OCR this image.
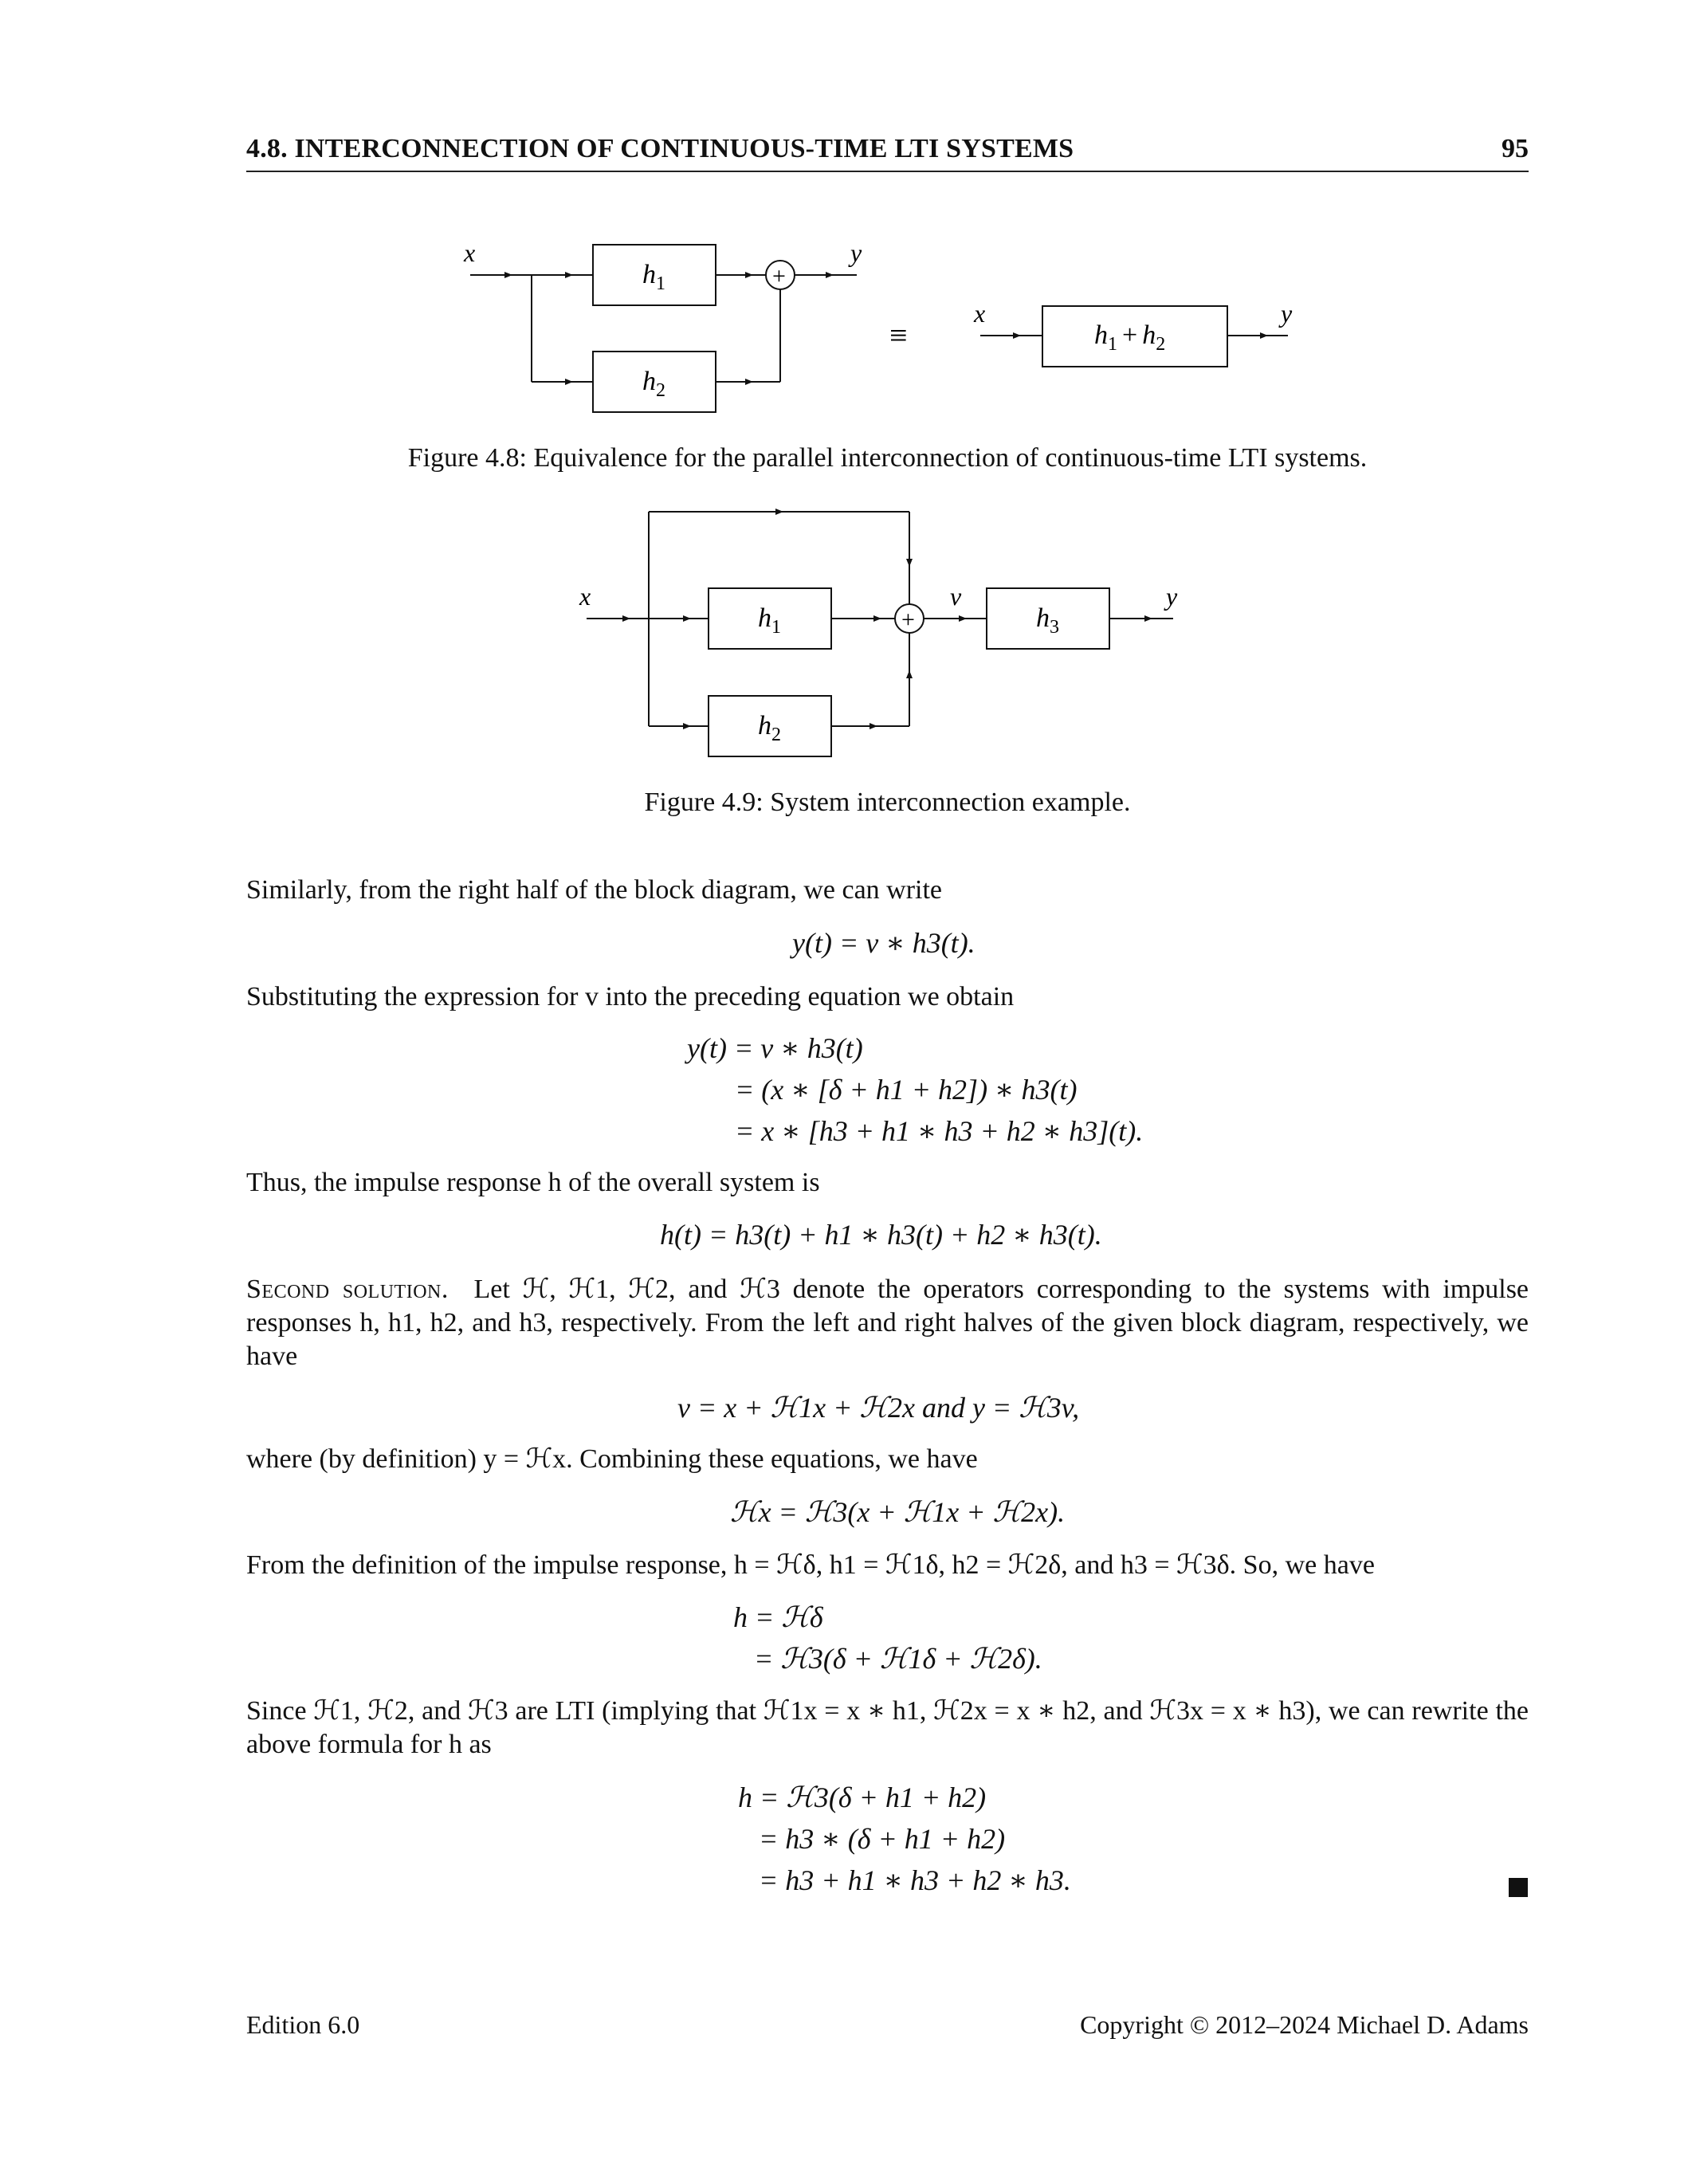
4.8. INTERCONNECTION OF CONTINUOUS-TIME LTI SYSTEMS	95
+
x	y
$h_1$
$h_2$
≡
x	y
$h_1 + h_2$
Figure 4.8: Equivalence for the parallel interconnection of continuous-time LTI systems.
+
x	v	y
$h_1$
$h_2$
$h_3$
Figure 4.9: System interconnection example.
Similarly, from the right half of the block diagram, we can write
y(t) = v ∗ h3(t).
Substituting the expression for v into the preceding equation we obtain
y(t) = v ∗ h3(t)
= (x ∗ [δ + h1 + h2]) ∗ h3(t)
= x ∗ [h3 + h1 ∗ h3 + h2 ∗ h3](t).
Thus, the impulse response h of the overall system is
h(t) = h3(t) + h1 ∗ h3(t) + h2 ∗ h3(t).
Second solution. Let ℋ, ℋ1, ℋ2, and ℋ3 denote the operators corresponding to the systems with impulse responses h, h1, h2, and h3, respectively. From the left and right halves of the given block diagram, respectively, we have
v = x + ℋ1x + ℋ2x and y = ℋ3v,
where (by definition) y = ℋx. Combining these equations, we have
ℋx = ℋ3(x + ℋ1x + ℋ2x).
From the definition of the impulse response, h = ℋδ, h1 = ℋ1δ, h2 = ℋ2δ, and h3 = ℋ3δ. So, we have
h = ℋδ
= ℋ3(δ + ℋ1δ + ℋ2δ).
Since ℋ1, ℋ2, and ℋ3 are LTI (implying that ℋ1x = x ∗ h1, ℋ2x = x ∗ h2, and ℋ3x = x ∗ h3), we can rewrite the above formula for h as
h = ℋ3(δ + h1 + h2)
= h3 ∗ (δ + h1 + h2)
= h3 + h1 ∗ h3 + h2 ∗ h3.
Edition 6.0	Copyright © 2012–2024 Michael D. Adams
